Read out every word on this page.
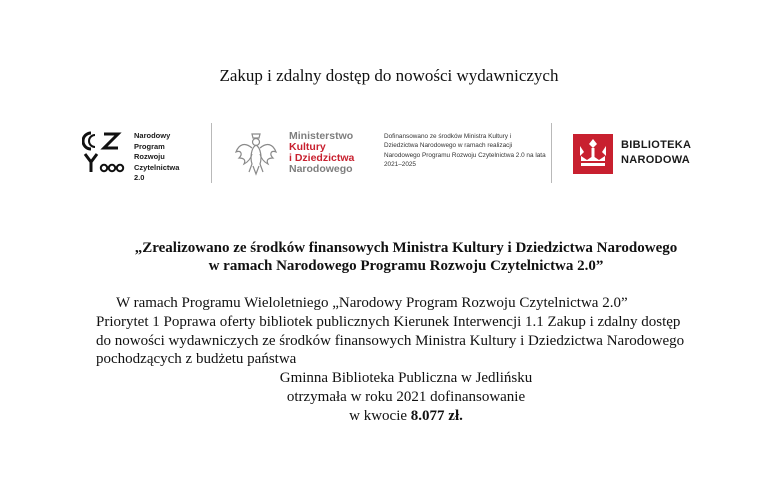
Zakup i zdalny dostęp do nowości wydawniczych
Narodowy
Program
Rozwoju
Czytelnictwa
2.0
Ministerstwo
Kultury
i Dziedzictwa
Narodowego
Dofinansowano ze środków Ministra Kultury i Dziedzictwa Narodowego w ramach realizacji Narodowego Programu Rozwoju Czytelnictwa 2.0 na lata 2021–2025
BIBLIOTEKA
NARODOWA
„Zrealizowano ze środków finansowych Ministra Kultury i Dziedzictwa Narodowego
w ramach Narodowego Programu Rozwoju Czytelnictwa 2.0”
W ramach Programu Wieloletniego „Narodowy Program Rozwoju Czytelnictwa 2.0”
Priorytet 1 Poprawa oferty bibliotek publicznych Kierunek Interwencji 1.1 Zakup i zdalny dostęp
do nowości wydawniczych ze środków finansowych Ministra Kultury i Dziedzictwa Narodowego
pochodzących z budżetu państwa
Gminna Biblioteka Publiczna w Jedlińsku
otrzymała w roku 2021 dofinansowanie
w kwocie 8.077 zł.
